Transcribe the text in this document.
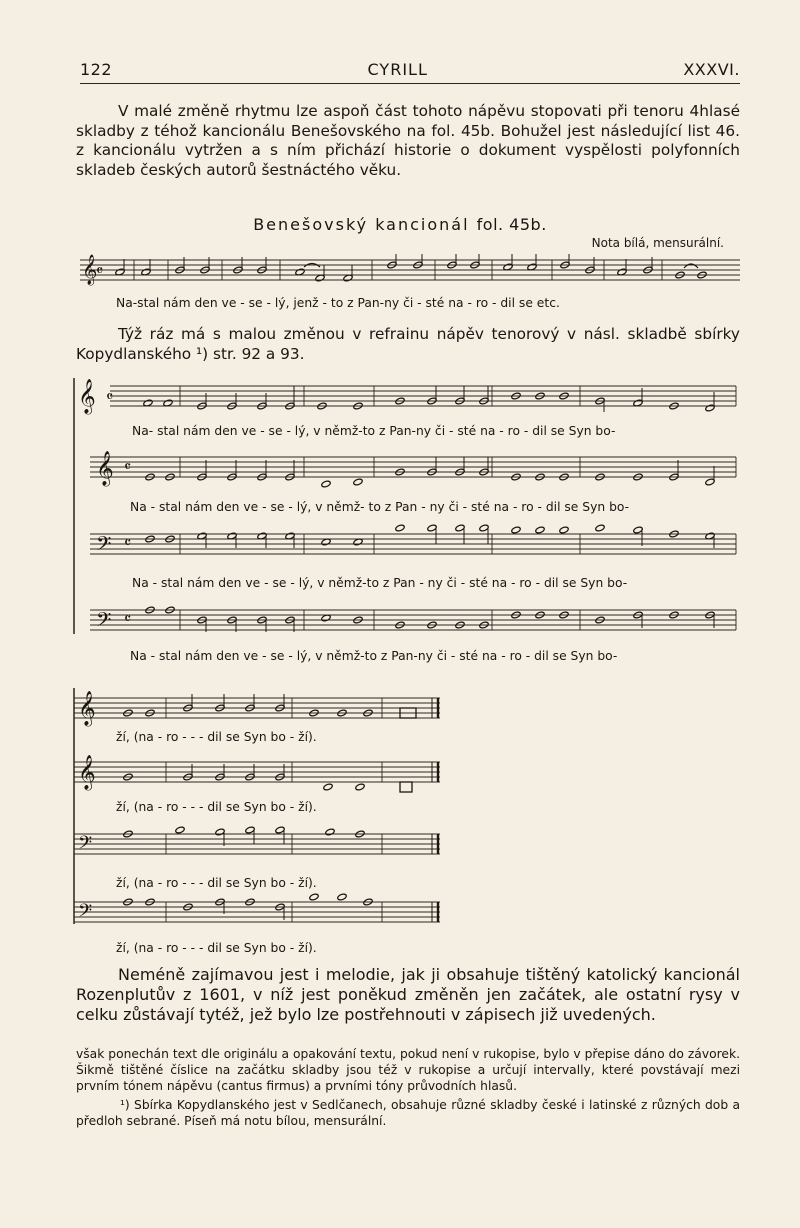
122	CYRILL	XXXVI.

V malé změně rhytmu lze aspoň část tohoto nápěvu stopovati při tenoru 4hlasé skladby z téhož kancionálu Benešovského na fol. 45b. Bohužel jest následující list 46. z kancionálu vytržen a s ním přichází historie o dokument vyspělosti polyfonních skladeb českých autorů šestnáctého věku.

Benešovský kancionál fol. 45b.
Nota bílá, mensurální.
𝄞
𝄴
Na-stal nám den ve - se - lý, jenž - to z Pan-ny či - sté na - ro - dil se etc.

Týž ráz má s malou změnou v refrainu nápěv tenorový v násl. skladbě sbírky Kopydlanského ¹) str. 92 a 93.

𝄞 𝄴
𝄞 𝄴
𝄢 𝄴
𝄢 𝄴
Na- stal nám den ve - se - lý, v němž-to z Pan-ny či - sté na - ro - dil se Syn bo-
Na - stal nám den ve - se - lý, v němž- to z Pan - ny či - sté na - ro - dil se Syn bo-
Na - stal nám den ve - se - lý, v němž-to z Pan - ny či - sté na - ro - dil se Syn bo-
Na - stal nám den ve - se - lý, v němž-to z Pan-ny či - sté na - ro - dil se Syn bo-
𝄞
𝄞
𝄢
𝄢
ží, (na - ro - - - dil se Syn bo - ží).
ží, (na - ro - - - dil se Syn bo - ží).
ží, (na - ro - - - dil se Syn bo - ží).
ží, (na - ro - - - dil se Syn bo - ží).

Neméně zajímavou jest i melodie, jak ji obsahuje tištěný katolický kancionál Rozenplutův z 1601, v níž jest poněkud změněn jen začátek, ale ostatní rysy v celku zůstávají tytéž, jež bylo lze postřehnouti v zápisech již uvedených.

však ponechán text dle originálu a opakování textu, pokud není v rukopise, bylo v přepise dáno do závorek. Šikmě tištěné číslice na začátku skladby jsou též v rukopise a určují intervally, které povstávají mezi prvním tónem nápěvu (cantus firmus) a prvními tóny průvodních hlasů.

¹) Sbírka Kopydlanského jest v Sedlčanech, obsahuje různé skladby české i latinské z různých dob a předloh sebrané. Píseň má notu bílou, mensurální.
